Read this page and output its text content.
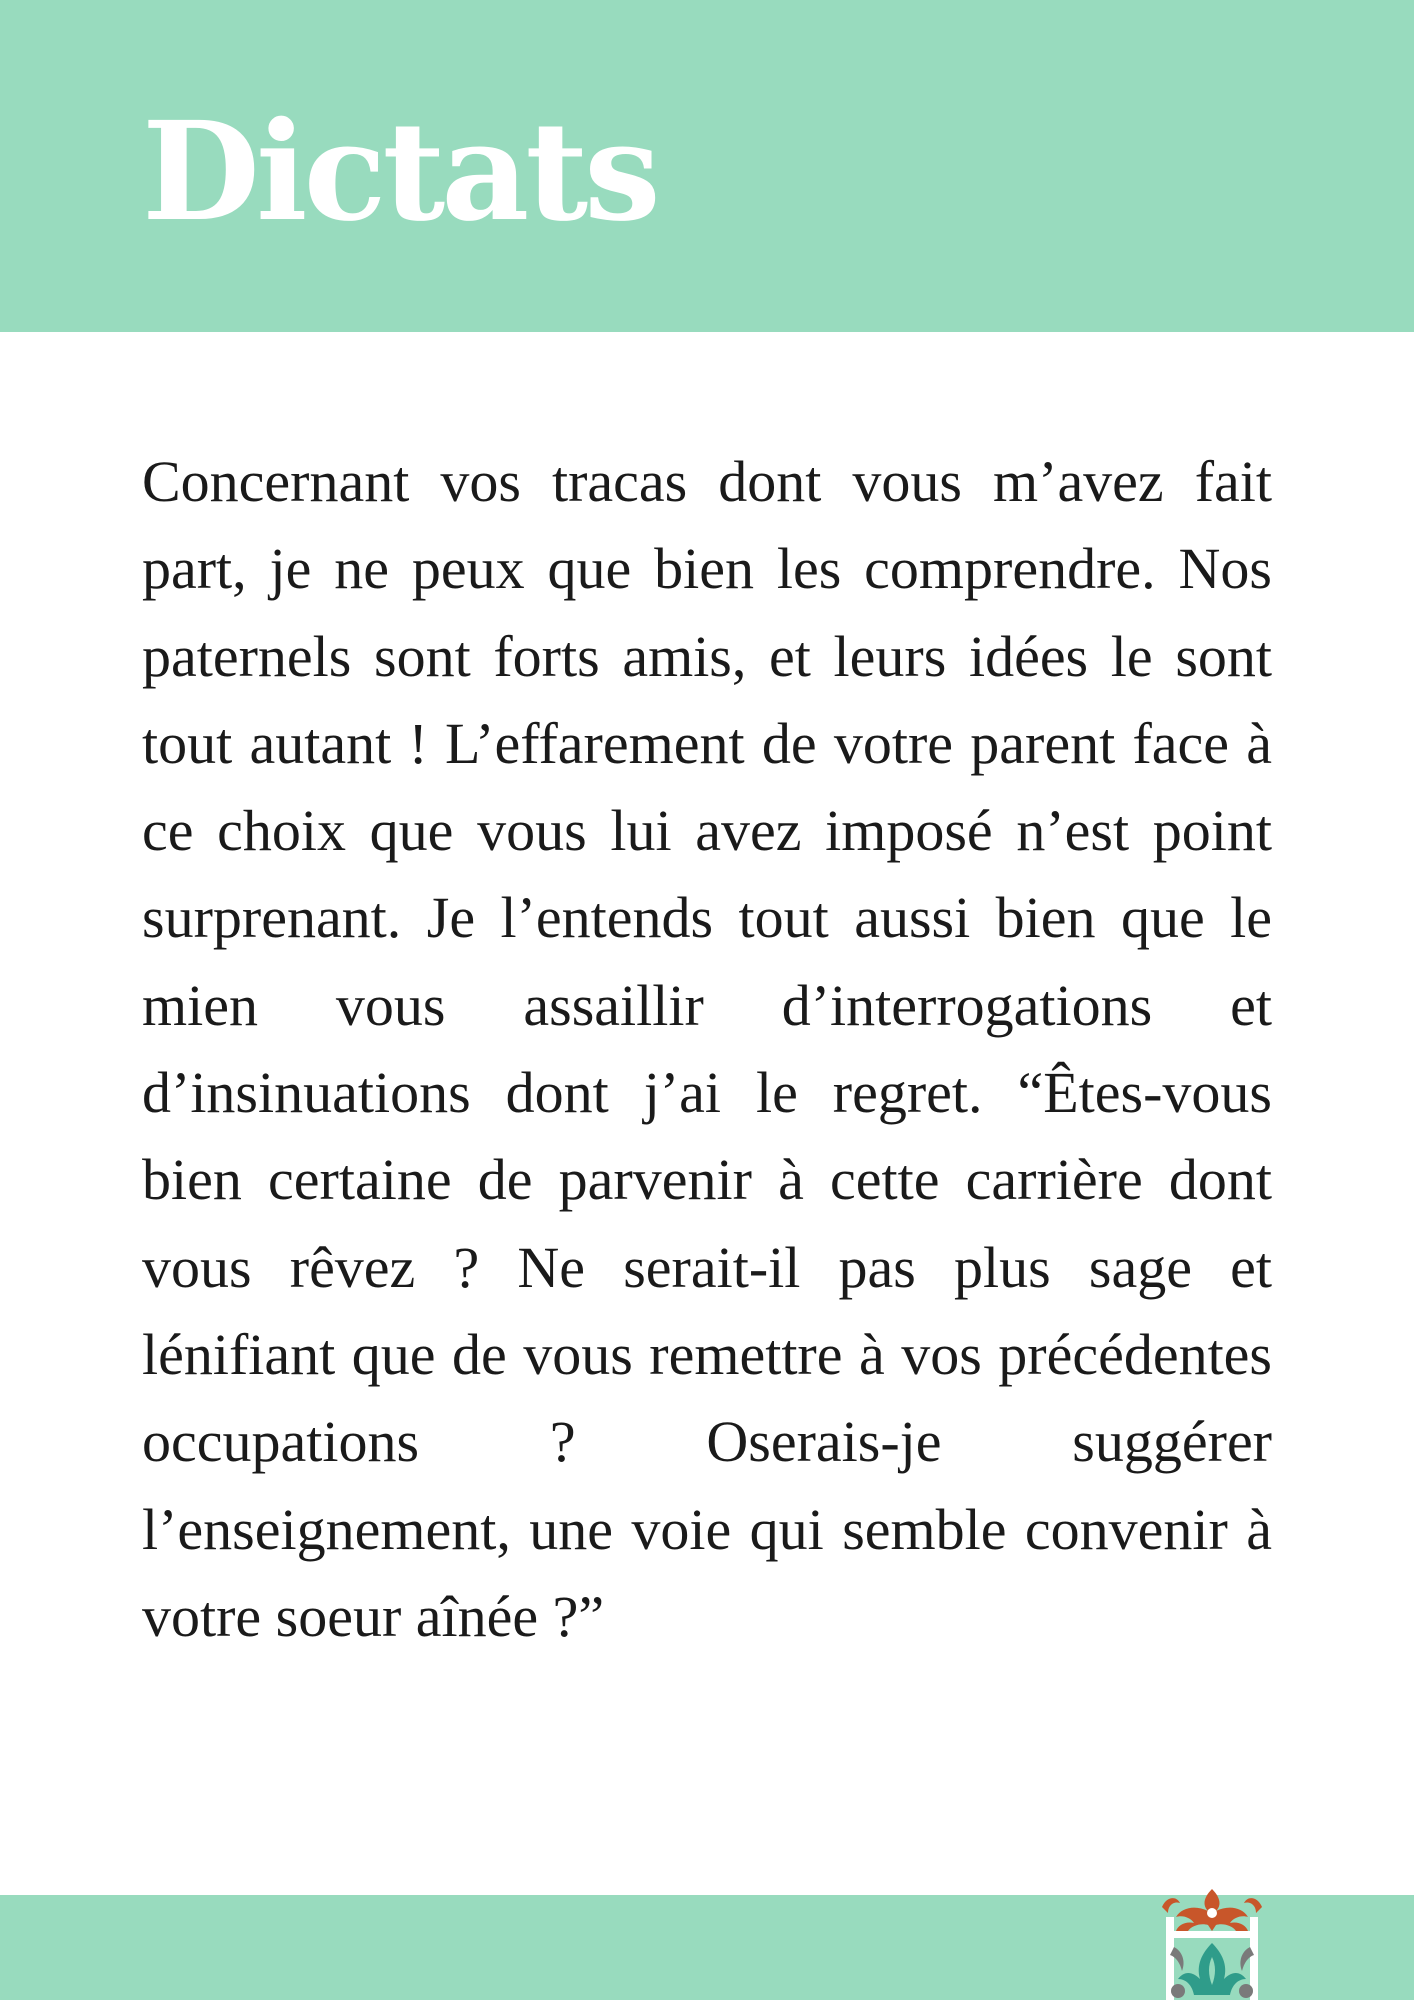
Dictats

Concernant vos tracas dont vous m’avez fait part, je ne peux que bien les comprendre. Nos paternels sont forts amis, et leurs idées le sont tout autant ! L’effarement de votre parent face à ce choix que vous lui avez imposé n’est point surprenant. Je l’entends tout aussi bien que le mien vous assaillir d’interrogations et d’insinuations dont j’ai le regret. “Êtes-vous bien certaine de parvenir à cette carrière dont vous rêvez ? Ne serait-il pas plus sage et lénifiant que de vous remettre à vos précédentes occupations ? Oserais-je suggérer l’enseignement, une voie qui semble convenir à votre soeur aînée ?”
